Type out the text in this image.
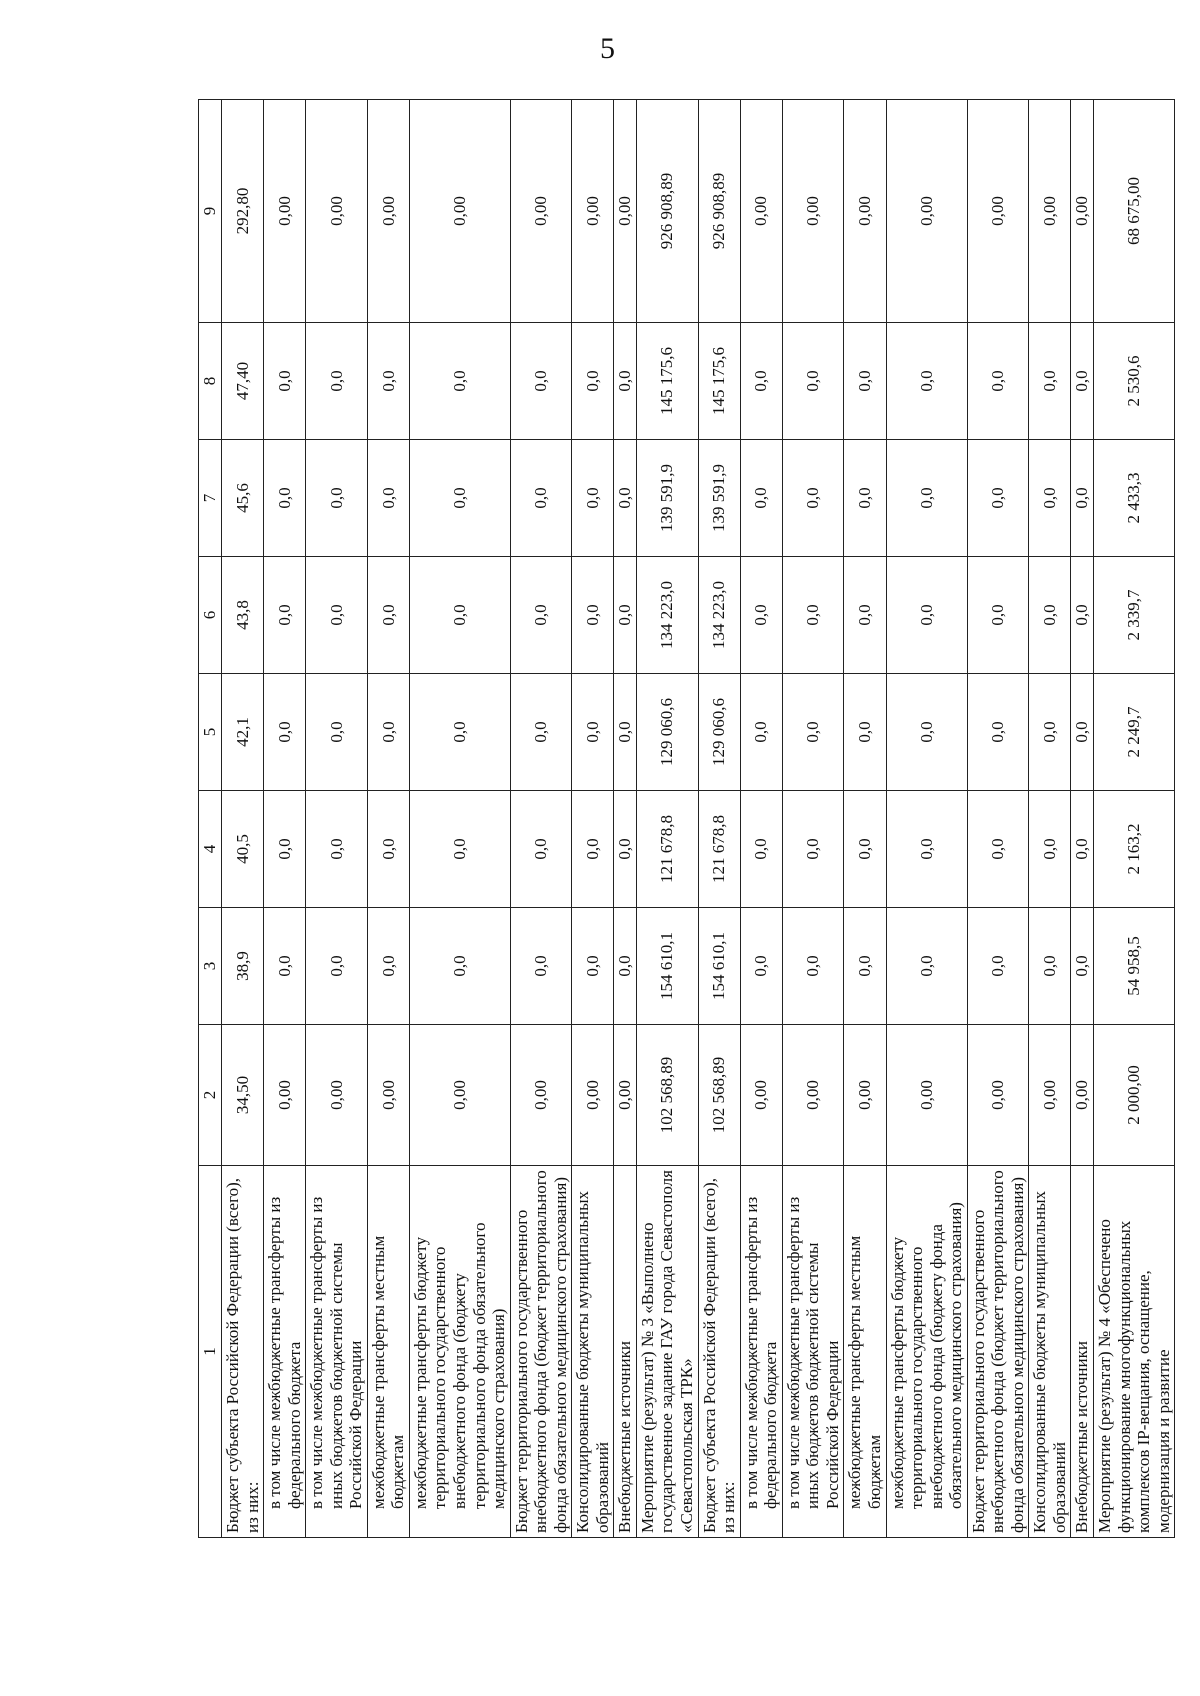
5
1	2	3	4	5	6	7	8	9
Бюджет субъекта Российской Федерации (всего), из них:	34,50	38,9	40,5	42,1	43,8	45,6	47,40	292,80
в том числе межбюджетные трансферты из федерального бюджета	0,00	0,0	0,0	0,0	0,0	0,0	0,0	0,00
в том числе межбюджетные трансферты из иных бюджетов бюджетной системы Российской Федерации	0,00	0,0	0,0	0,0	0,0	0,0	0,0	0,00
межбюджетные трансферты местным бюджетам	0,00	0,0	0,0	0,0	0,0	0,0	0,0	0,00
межбюджетные трансферты бюджету территориального государственного внебюджетного фонда (бюджету территориального фонда обязательного медицинского страхования)	0,00	0,0	0,0	0,0	0,0	0,0	0,0	0,00
Бюджет территориального государственного внебюджетного фонда (бюджет территориального фонда обязательного медицинского страхования)	0,00	0,0	0,0	0,0	0,0	0,0	0,0	0,00
Консолидированные бюджеты муниципальных образований	0,00	0,0	0,0	0,0	0,0	0,0	0,0	0,00
Внебюджетные источники	0,00	0,0	0,0	0,0	0,0	0,0	0,0	0,00
Мероприятие (результат) № 3 «Выполнено государственное задание ГАУ города Севастополя «Севастопольская ТРК»	102 568,89	154 610,1	121 678,8	129 060,6	134 223,0	139 591,9	145 175,6	926 908,89
Бюджет субъекта Российской Федерации (всего), из них:	102 568,89	154 610,1	121 678,8	129 060,6	134 223,0	139 591,9	145 175,6	926 908,89
в том числе межбюджетные трансферты из федерального бюджета	0,00	0,0	0,0	0,0	0,0	0,0	0,0	0,00
в том числе межбюджетные трансферты из иных бюджетов бюджетной системы Российской Федерации	0,00	0,0	0,0	0,0	0,0	0,0	0,0	0,00
межбюджетные трансферты местным бюджетам	0,00	0,0	0,0	0,0	0,0	0,0	0,0	0,00
межбюджетные трансферты бюджету территориального государственного внебюджетного фонда (бюджету фонда обязательного медицинского страхования)	0,00	0,0	0,0	0,0	0,0	0,0	0,0	0,00
Бюджет территориального государственного внебюджетного фонда (бюджет территориального фонда обязательного медицинского страхования)	0,00	0,0	0,0	0,0	0,0	0,0	0,0	0,00
Консолидированные бюджеты муниципальных образований	0,00	0,0	0,0	0,0	0,0	0,0	0,0	0,00
Внебюджетные источники	0,00	0,0	0,0	0,0	0,0	0,0	0,0	0,00
Мероприятие (результат) № 4 «Обеспечено функционирование многофункциональных комплексов IP-вещания, оснащение, модернизация и развитие	2 000,00	54 958,5	2 163,2	2 249,7	2 339,7	2 433,3	2 530,6	68 675,00
